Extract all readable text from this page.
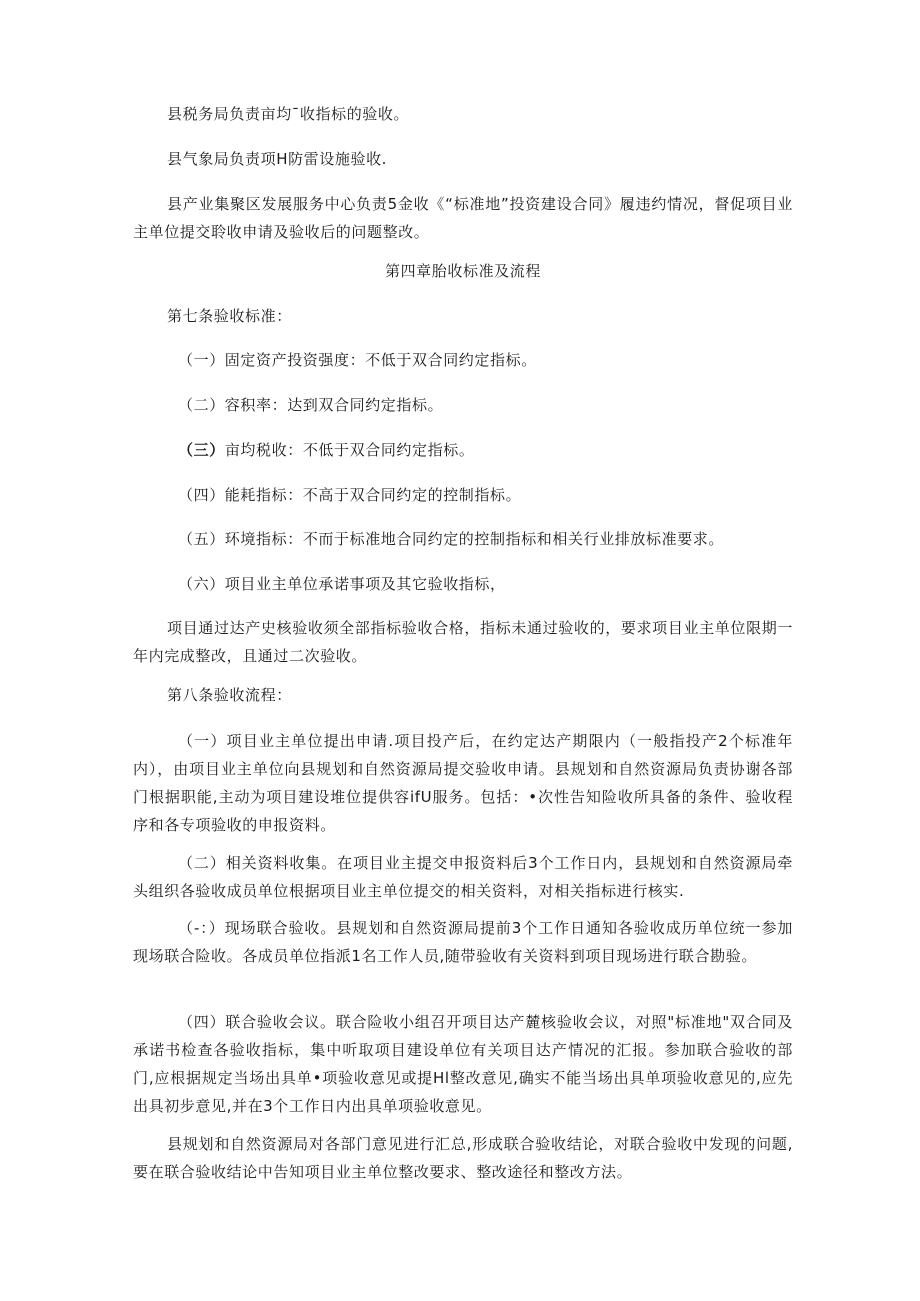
县税务局负责亩均ˉ收指标的验收。

县气象局负责项H防雷设施验收.

县产业集聚区发展服务中心负责5金收《“标准地”投资建设合同》履违约情况，督促项目业主单位提交聆收申请及验收后的问题整改。

第四章胎收标准及流程

第七条验收标准：

（一）固定资产投资强度：不低于双合同约定指标。

（二）容积率：达到双合同约定指标。

（三）亩均税收：不低于双合同约定指标。

（四）能耗指标：不高于双合同约定的控制指标。

（五）环境指标：不而于标准地合同约定的控制指标和相关行业排放标准要求。

（六）项目业主单位承诺事项及其它验收指标，

项目通过达产史核验收须全部指标验收合格，指标未通过验收的，要求项目业主单位限期一年内完成整改，且通过二次验收。

第八条验收流程：

（一）项目业主单位提出申请.项目投产后，在约定达产期限内（一般指投产2个标准年内），由项目业主单位向县规划和自然资源局提交验收申请。县规划和自然资源局负责协谢各部门根据职能,主动为项目建设堆位提供容ifU服务。包括：•次性告知险收所具备的条件、验收程序和各专项验收的申报资料。

（二）相关资料收集。在项目业主提交申报资料后3个工作日内，县规划和自然资源局牵头组织各验收成员单位根据项目业主单位提交的相关资料，对相关指标进行核实.

（-：）现场联合验收。县规划和自然资源局提前3个工作日通知各验收成历单位统一参加现场联合险收。各成员单位指派1名工作人员,随带验收有关资料到项目现场进行联合勘验。

（四）联合验收会议。联合险收小组召开项目达产麓核验收会议，对照"标准地"双合同及承诺书检查各验收指标，集中听取项目建设单位有关项目达产情况的汇报。参加联合验收的部门,应根据规定当场出具单•项验收意见或提Hl整改意见,确实不能当场出具单项验收意见的,应先出具初步意见,并在3个工作日内出具单项验收意见。

县规划和自然资源局对各部门意见进行汇总,形成联合验收结论，对联合验收中发现的问题,要在联合验收结论中告知项目业主单位整改要求、整改途径和整改方法。
